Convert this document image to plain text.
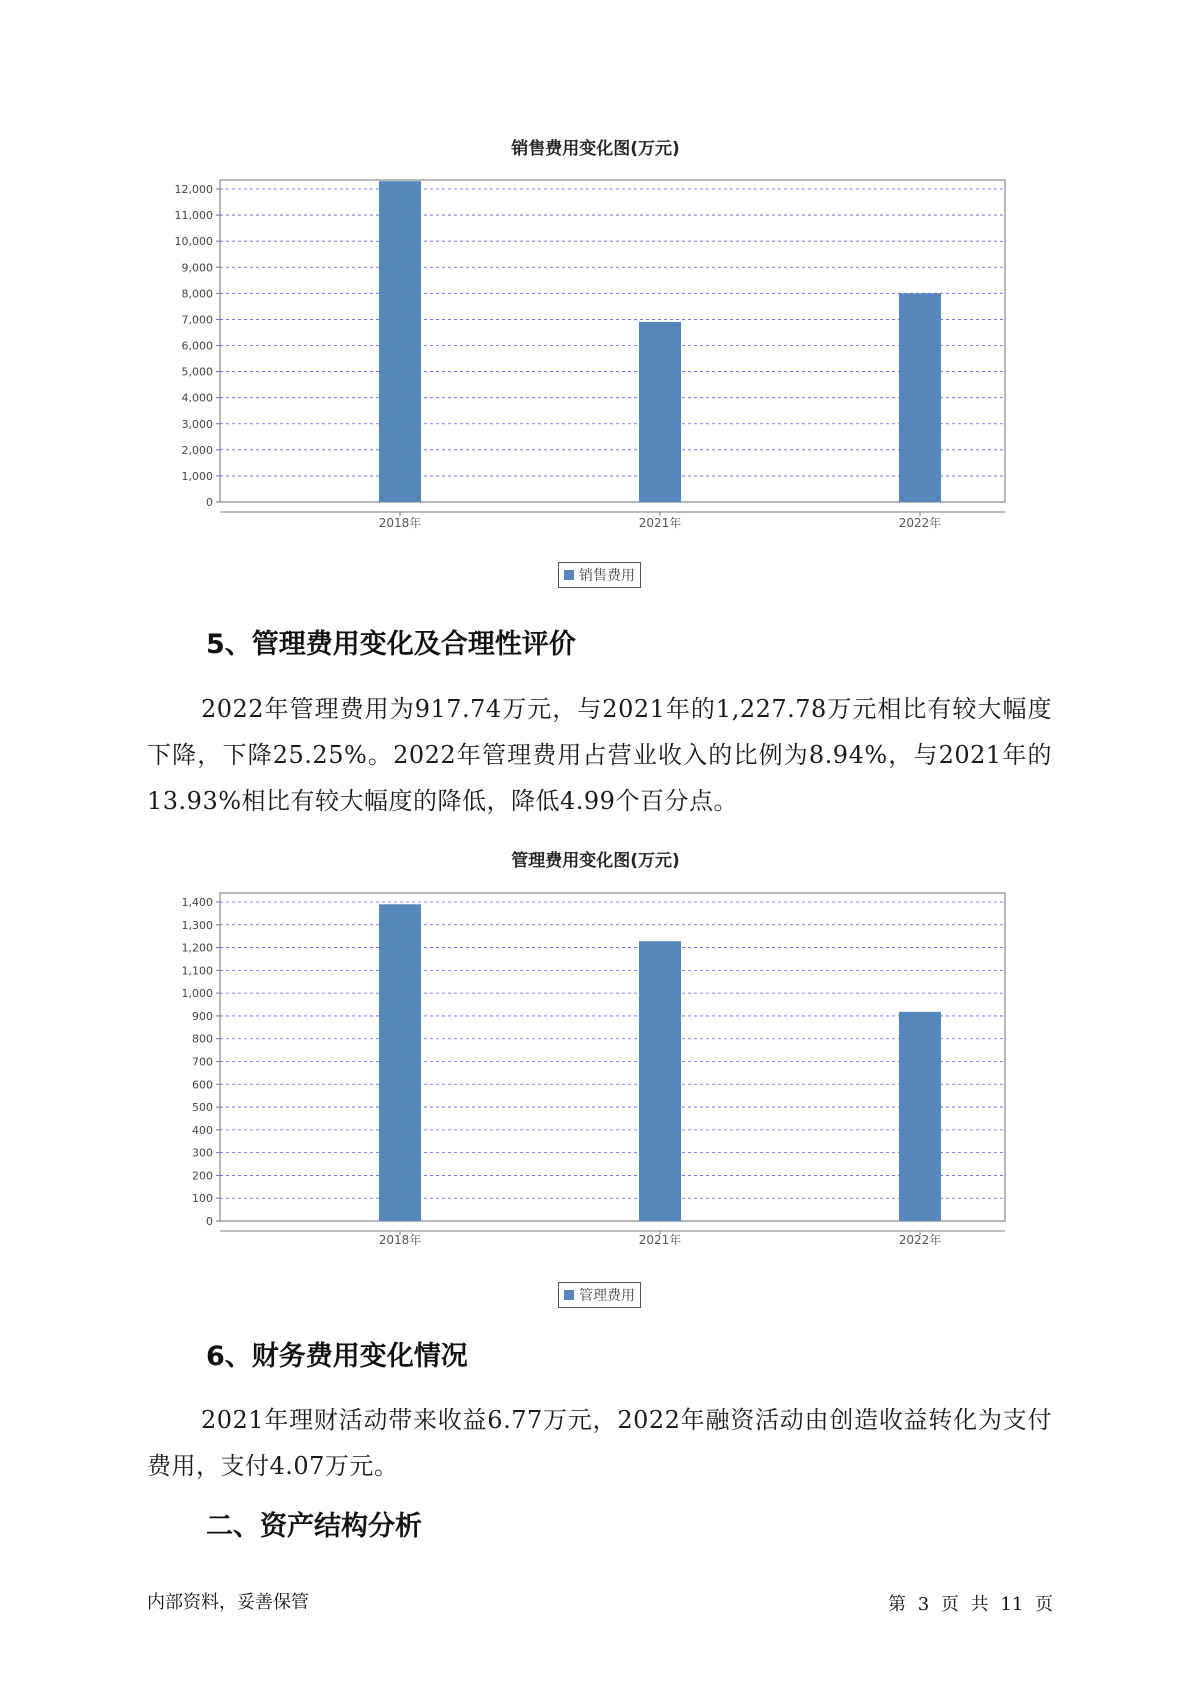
销售费用变化图(万元)
0
1,000
2,000
3,000
4,000
5,000
6,000
7,000
8,000
9,000
10,000
11,000
12,000
2018年	2021年	2022年
销售费用
5、管理费用变化及合理性评价

2022年管理费用为917.74万元，与2021年的1,227.78万元相比有较大幅度下降，下降25.25%。2022年管理费用占营业收入的比例为8.94%，与2021年的13.93%相比有较大幅度的降低，降低4.99个百分点。

管理费用变化图(万元)
0
100
200
300
400
500
600
700
800
900
1,000
1,100
1,200
1,300
1,400
2018年	2021年	2022年
管理费用
6、财务费用变化情况

2021年理财活动带来收益6.77万元，2022年融资活动由创造收益转化为支付费用，支付4.07万元。

二、资产结构分析
内部资料，妥善保管	第 3 页 共 11 页
